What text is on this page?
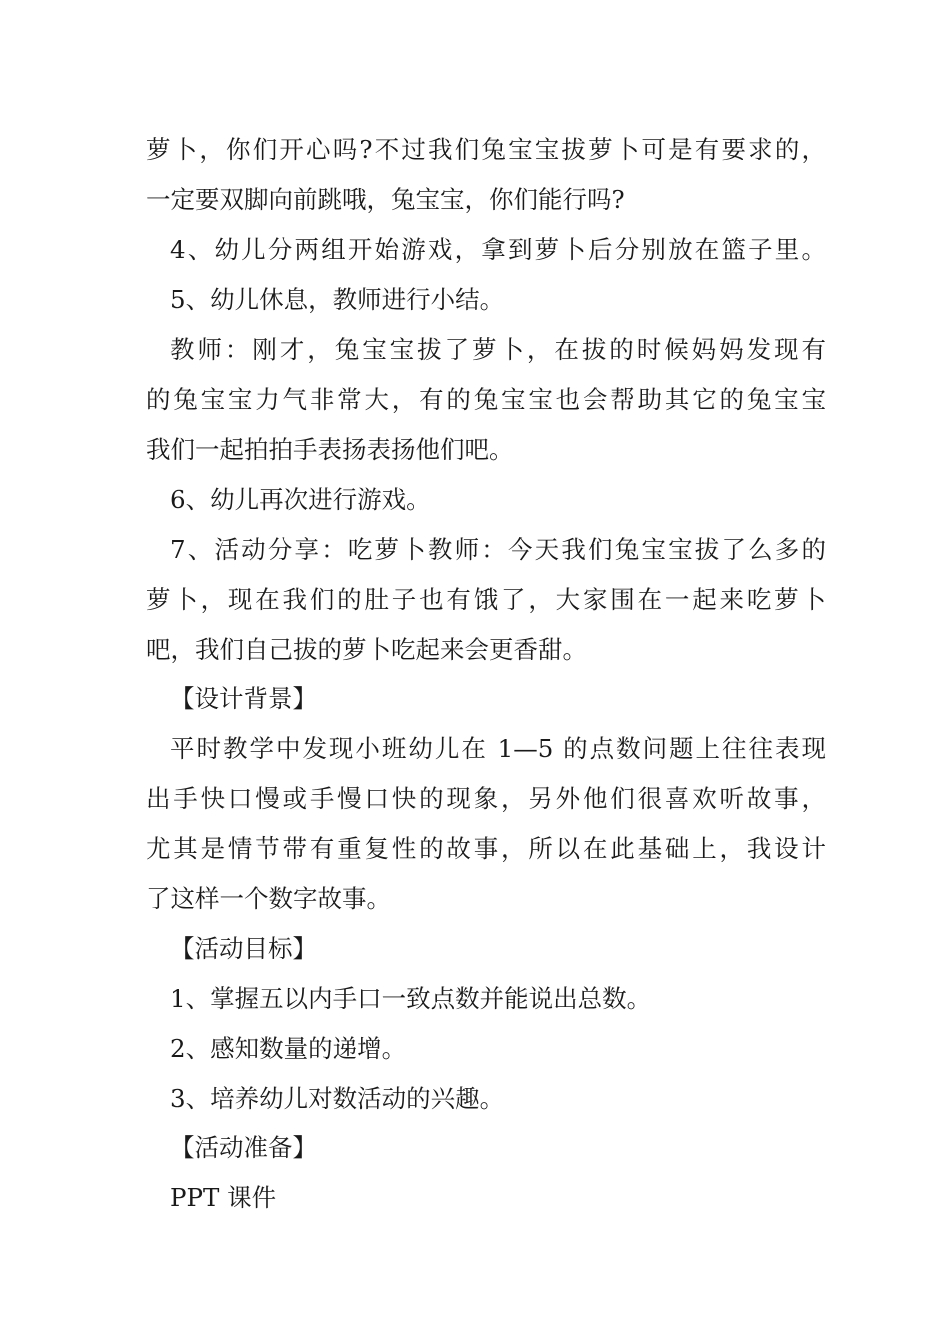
萝卜，你们开心吗?不过我们兔宝宝拔萝卜可是有要求的，
一定要双脚向前跳哦，兔宝宝，你们能行吗?
4、幼儿分两组开始游戏，拿到萝卜后分别放在篮子里。
5、幼儿休息，教师进行小结。
教师：刚才，兔宝宝拔了萝卜，在拔的时候妈妈发现有
的兔宝宝力气非常大，有的兔宝宝也会帮助其它的兔宝宝
我们一起拍拍手表扬表扬他们吧。
6、幼儿再次进行游戏。
7、活动分享：吃萝卜教师：今天我们兔宝宝拔了么多的
萝卜，现在我们的肚子也有饿了，大家围在一起来吃萝卜
吧，我们自己拔的萝卜吃起来会更香甜。
【设计背景】
平时教学中发现小班幼儿在 1—5 的点数问题上往往表现
出手快口慢或手慢口快的现象，另外他们很喜欢听故事，
尤其是情节带有重复性的故事，所以在此基础上，我设计
了这样一个数字故事。
【活动目标】
1、掌握五以内手口一致点数并能说出总数。
2、感知数量的递增。
3、培养幼儿对数活动的兴趣。
【活动准备】
PPT 课件
